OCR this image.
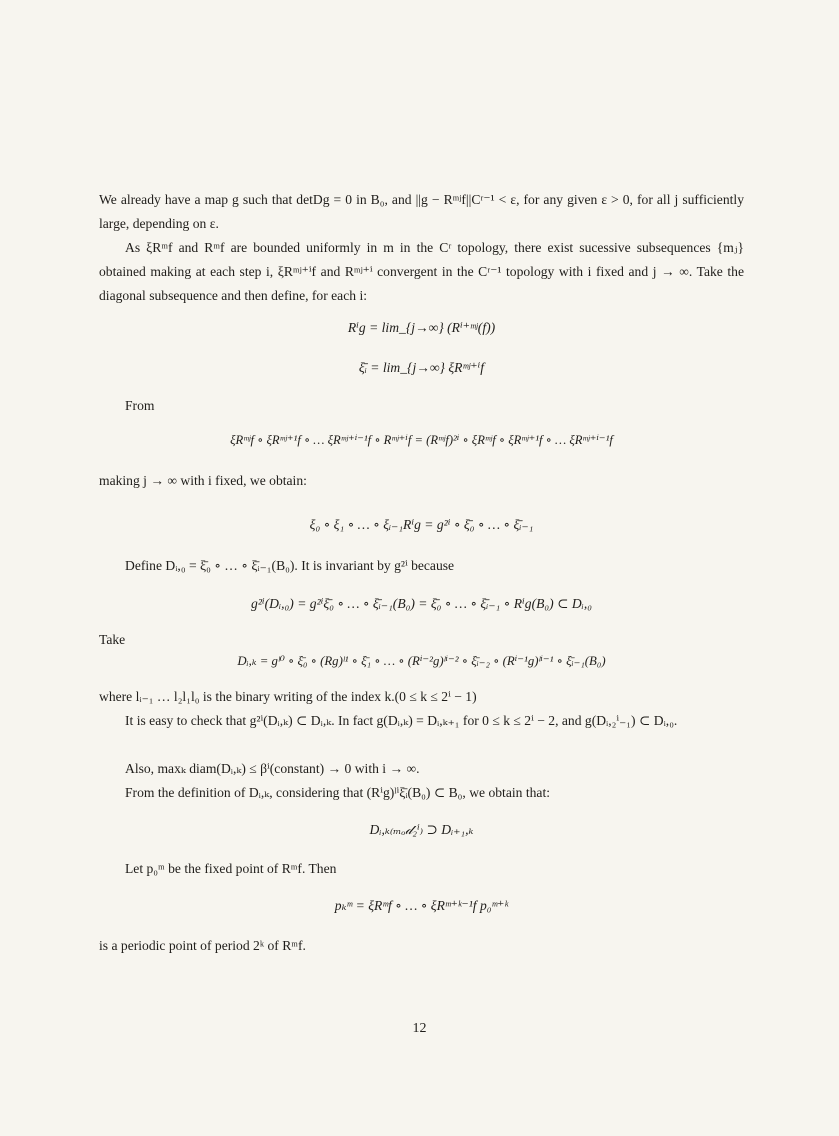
We already have a map g such that detDg = 0 in B₀, and ||g − Rᵐʲf||Cʳ⁻¹ < ε, for any given ε > 0, for all j sufficiently large, depending on ε.
As ξRᵐf and Rᵐf are bounded uniformly in m in the Cʳ topology, there exist sucessive subsequences {mⱼ} obtained making at each step i, ξRᵐʲ⁺ⁱf and Rᵐʲ⁺ⁱ convergent in the Cʳ⁻¹ topology with i fixed and j → ∞. Take the diagonal subsequence and then define, for each i:
Rⁱg = lim_{j→∞} (Rⁱ⁺ᵐʲ(f))
ξ̄ᵢ = lim_{j→∞} ξRᵐʲ⁺ⁱf
From
ξRᵐʲf ∘ ξRᵐʲ⁺¹f ∘ … ξRᵐʲ⁺ⁱ⁻¹f ∘ Rᵐʲ⁺ⁱf = (Rᵐʲf)²ⁱ ∘ ξRᵐʲf ∘ ξRᵐʲ⁺¹f ∘ … ξRᵐʲ⁺ⁱ⁻¹f
making j → ∞ with i fixed, we obtain:
ξ₀ ∘ ξ₁ ∘ … ∘ ξᵢ₋₁Rⁱg = g²ⁱ ∘ ξ̄₀ ∘ … ∘ ξ̄ᵢ₋₁
Define Dᵢ,₀ = ξ̄₀ ∘ … ∘ ξ̄ᵢ₋₁(B₀). It is invariant by g²ⁱ because
g²ⁱ(Dᵢ,₀) = g²ⁱξ̄₀ ∘ … ∘ ξ̄ᵢ₋₁(B₀) = ξ̄₀ ∘ … ∘ ξ̄ᵢ₋₁ ∘ Rⁱg(B₀) ⊂ Dᵢ,₀
Take
Dᵢ,ₖ = gˡ⁰ ∘ ξ̄₀ ∘ (Rg)ˡ¹ ∘ ξ̄₁ ∘ … ∘ (Rⁱ⁻²g)ˡⁱ⁻² ∘ ξ̄ᵢ₋₂ ∘ (Rⁱ⁻¹g)ˡⁱ⁻¹ ∘ ξ̄ᵢ₋₁(B₀)
where lᵢ₋₁ … l₂l₁l₀ is the binary writing of the index k.(0 ≤ k ≤ 2ⁱ − 1)
It is easy to check that g²ⁱ(Dᵢ,ₖ) ⊂ Dᵢ,ₖ. In fact g(Dᵢ,ₖ) = Dᵢ,ₖ₊₁ for 0 ≤ k ≤ 2ⁱ − 2, and g(Dᵢ,₂ⁱ₋₁) ⊂ Dᵢ,₀.
Also, maxₖ diam(Dᵢ,ₖ) ≤ βⁱ(constant) → 0 with i → ∞.
From the definition of Dᵢ,ₖ, considering that (Rⁱg)ˡⁱξ̄ᵢ(B₀) ⊂ B₀, we obtain that:
Dᵢ,ₖ₍ₘₒ𝒹₂ⁱ₎ ⊃ Dᵢ₊₁,ₖ
Let p₀ᵐ be the fixed point of Rᵐf. Then
pₖᵐ = ξRᵐf ∘ … ∘ ξRᵐ⁺ᵏ⁻¹f p₀ᵐ⁺ᵏ
is a periodic point of period 2ᵏ of Rᵐf.
12
